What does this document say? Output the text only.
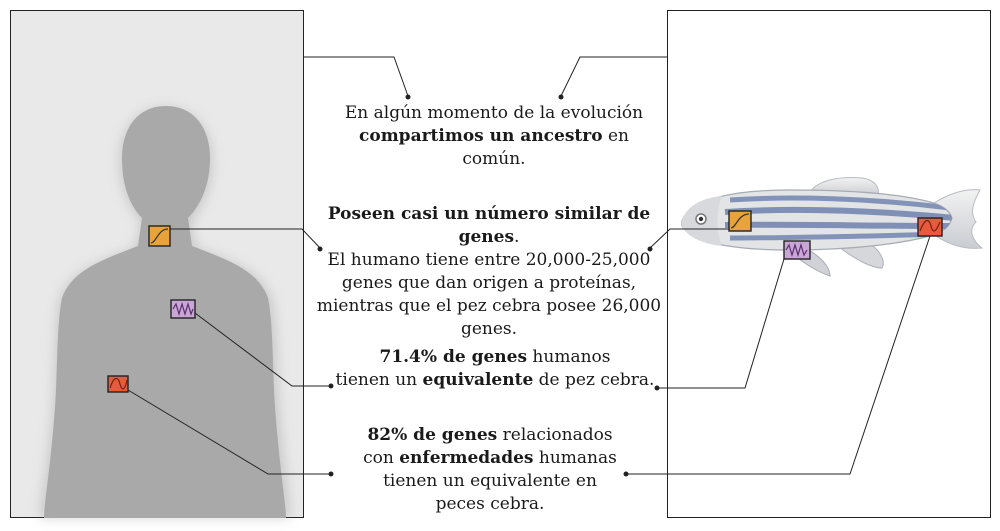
En algún momento de la evolución
compartimos un ancestro en
común.
Poseen casi un número similar de genes.
El humano tiene entre 20,000-25,000
genes que dan origen a proteínas,
mientras que el pez cebra posee 26,000
genes.
71.4% de genes humanos
tienen un equivalente de pez cebra.
82% de genes relacionados
con enfermedades humanas
tienen un equivalente en
peces cebra.
